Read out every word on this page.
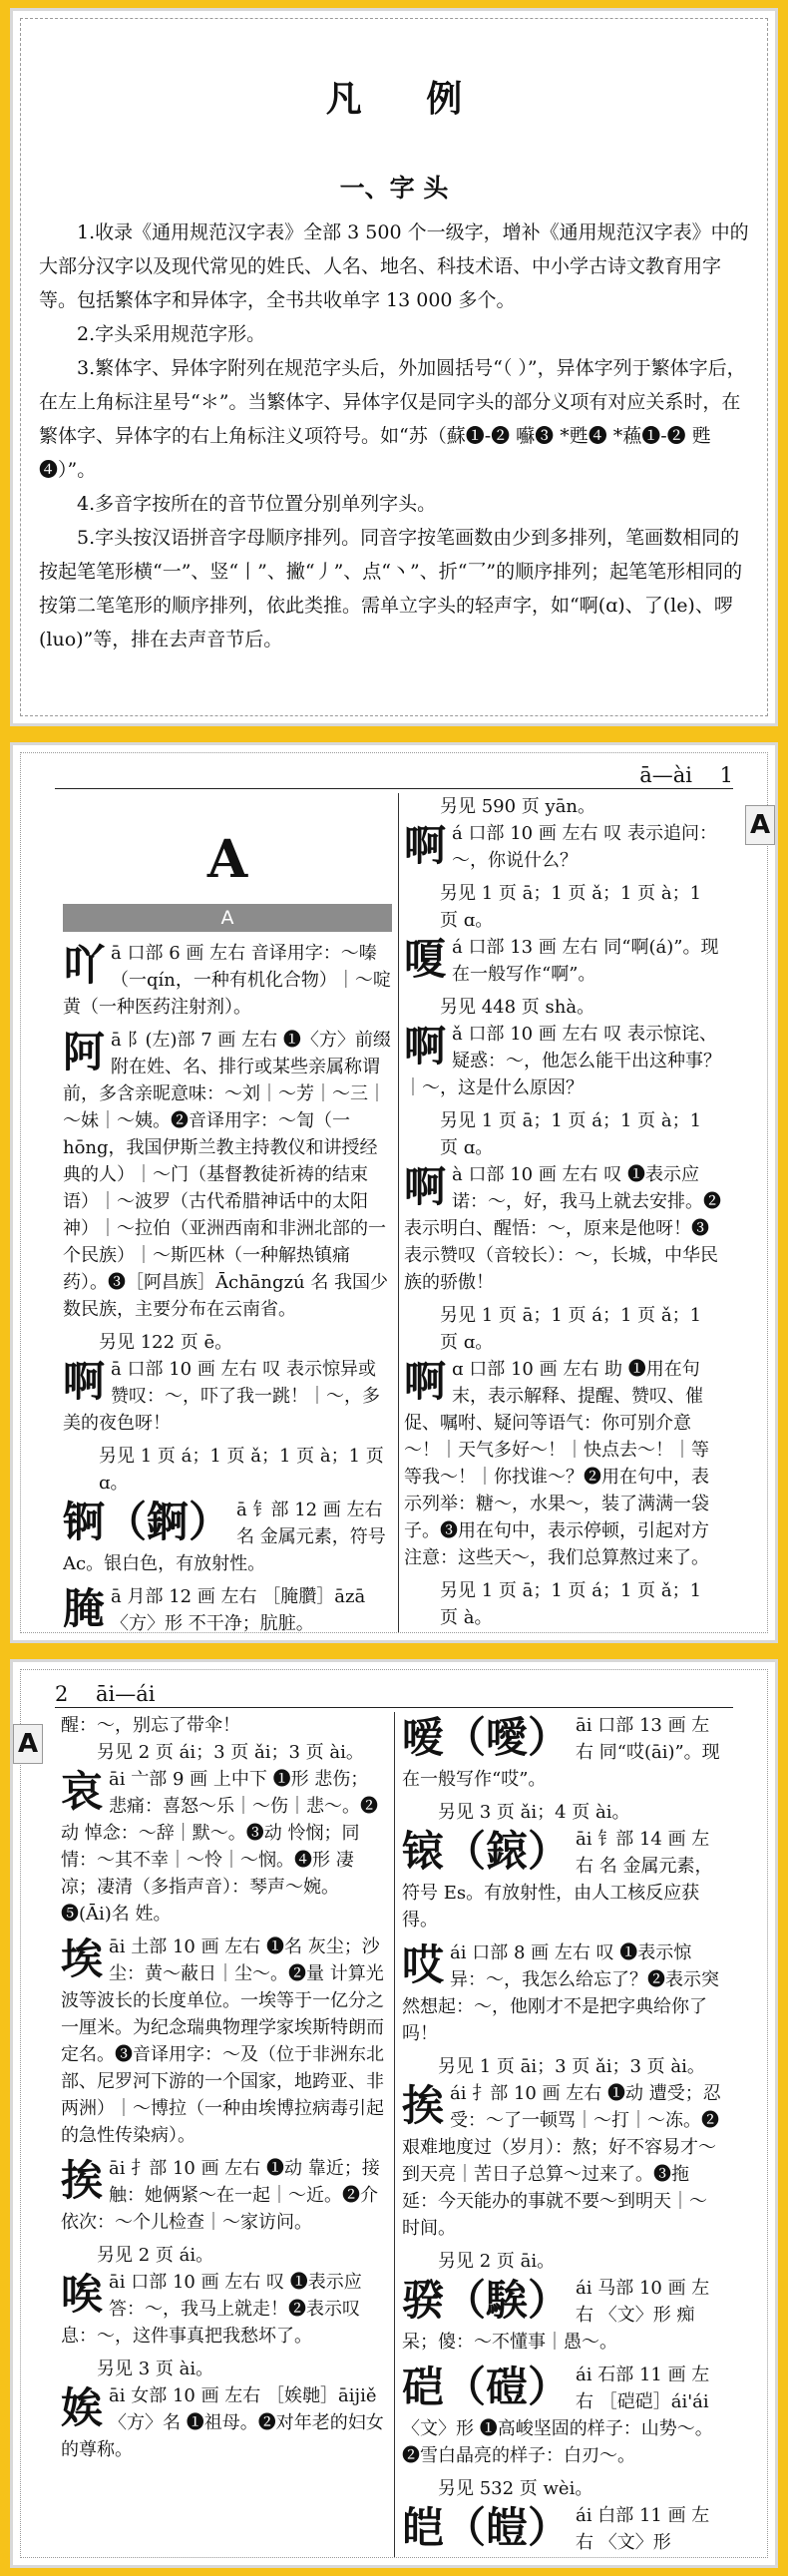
凡 例
一、字 头

1.收录《通用规范汉字表》全部 3 500 个一级字，增补《通用规范汉字表》中的大部分汉字以及现代常见的姓氏、人名、地名、科技术语、中小学古诗文教育用字等。包括繁体字和异体字，全书共收单字 13 000 多个。

2.字头采用规范字形。

3.繁体字、异体字附列在规范字头后，外加圆括号“（ ）”，异体字列于繁体字后，在左上角标注星号“＊”。当繁体字、异体字仅是同字头的部分义项有对应关系时，在繁体字、异体字的右上角标注义项符号。如“苏（蘇❶-❷ 囌❸ *甦❹ *蘓❶-❷ 甦❹）”。

4.多音字按所在的音节位置分别单列字头。

5.字头按汉语拼音字母顺序排列。同音字按笔画数由少到多排列，笔画数相同的按起笔笔形横“一”、竖“丨”、撇“丿”、点“丶”、折“乛”的顺序排列；起笔笔形相同的按第二笔笔形的顺序排列，依此类推。需单立字头的轻声字，如“啊(ɑ)、了(le)、啰(luo)”等，排在去声音节后。

ā—ài　 1
A
A
A
吖ā 口部 6 画 左右 音译用字：～嗪（一qín，一种有机化合物）｜～啶黄（一种医药注射剂）。
阿ā 阝(左)部 7 画 左右 ❶〈方〉前缀 附在姓、名、排行或某些亲属称谓前，多含亲昵意味：～刘｜～芳｜～三｜～妹｜～姨。❷音译用字：～訇（一hōng，我国伊斯兰教主持教仪和讲授经典的人）｜～门（基督教徒祈祷的结束语）｜～波罗（古代希腊神话中的太阳神）｜～拉伯（亚洲西南和非洲北部的一个民族）｜～斯匹林（一种解热镇痛药）。❸［阿昌族］Āchāngzú 名 我国少数民族，主要分布在云南省。
另见 122 页 ē。
啊ā 口部 10 画 左右 叹 表示惊异或赞叹：～，吓了我一跳！｜～，多美的夜色呀！
另见 1 页 á；1 页 ǎ；1 页 à；1 页 ɑ。
锕（錒） ā 钅部 12 画 左右 名 金属元素，符号 Ac。银白色，有放射性。
腌ā 月部 12 画 左右 ［腌臢］āzā 〈方〉形 不干净；肮脏。
另见 590 页 yān。
啊á 口部 10 画 左右 叹 表示追问：～，你说什么？
另见 1 页 ā；1 页 ǎ；1 页 à；1 页 ɑ。
嗄á 口部 13 画 左右 同“啊(á)”。现在一般写作“啊”。
另见 448 页 shà。
啊ǎ 口部 10 画 左右 叹 表示惊诧、疑惑：～，他怎么能干出这种事？｜～，这是什么原因？
另见 1 页 ā；1 页 á；1 页 à；1 页 ɑ。
啊à 口部 10 画 左右 叹 ❶表示应诺：～，好，我马上就去安排。❷表示明白、醒悟：～，原来是他呀！❸表示赞叹（音较长）：～，长城，中华民族的骄傲！
另见 1 页 ā；1 页 á；1 页 ǎ；1 页 ɑ。
啊ɑ 口部 10 画 左右 助 ❶用在句末，表示解释、提醒、赞叹、催促、嘱咐、疑问等语气：你可别介意～！｜天气多好～！｜快点去～！｜等等我～！｜你找谁～？❷用在句中，表示列举：糖～，水果～，装了满满一袋子。❸用在句中，表示停顿，引起对方注意：这些天～，我们总算熬过来了。
另见 1 页 ā；1 页 á；1 页 ǎ；1 页 à。
2　 āi—ái
A
醒：～，别忘了带伞！
另见 2 页 ái；3 页 ǎi；3 页 ài。
哀āi 亠部 9 画 上中下 ❶形 悲伤；悲痛：喜怒～乐｜～伤｜悲～。❷动 悼念：～辞｜默～。❸动 怜悯；同情：～其不幸｜～怜｜～悯。❹形 凄凉；凄清（多指声音）：琴声～婉。❺(Āi)名 姓。
埃āi 土部 10 画 左右 ❶名 灰尘；沙尘：黄～蔽日｜尘～。❷量 计算光波等波长的长度单位。一埃等于一亿分之一厘米。为纪念瑞典物理学家埃斯特朗而定名。❸音译用字：～及（位于非洲东北部、尼罗河下游的一个国家，地跨亚、非两洲）｜～博拉（一种由埃博拉病毒引起的急性传染病）。
挨āi 扌部 10 画 左右 ❶动 靠近；接触：她俩紧～在一起｜～近。❷介 依次：～个儿检查｜～家访问。
另见 2 页 ái。
唉āi 口部 10 画 左右 叹 ❶表示应答：～，我马上就走！❷表示叹息：～，这件事真把我愁坏了。
另见 3 页 ài。
娭āi 女部 10 画 左右 ［娭毑］āijiě〈方〉名 ❶祖母。❷对年老的妇女的尊称。
嗳（噯） āi 口部 13 画 左右 同“哎(āi)”。现在一般写作“哎”。
另见 3 页 ǎi；4 页 ài。
锿（鎄） āi 钅部 14 画 左右 名 金属元素，符号 Es。有放射性，由人工核反应获得。
哎ái 口部 8 画 左右 叹 ❶表示惊异：～，我怎么给忘了？❷表示突然想起：～，他刚才不是把字典给你了吗！
另见 1 页 āi；3 页 ǎi；3 页 ài。
挨ái 扌部 10 画 左右 ❶动 遭受；忍受：～了一顿骂｜～打｜～冻。❷艰难地度过（岁月）：熬；好不容易才～到天亮｜苦日子总算～过来了。❸拖延：今天能办的事就不要～到明天｜～时间。
另见 2 页 āi。
骙（騃） ái 马部 10 画 左右 〈文〉形 痴呆；傻：～不懂事｜愚～。
硙（磑） ái 石部 11 画 左右 ［硙硙］ái'ái〈文〉形 ❶高峻坚固的样子：山势～。❷雪白晶亮的样子：白刃～。
另见 532 页 wèi。
皑（皚） ái 白部 11 画 左右 〈文〉形
